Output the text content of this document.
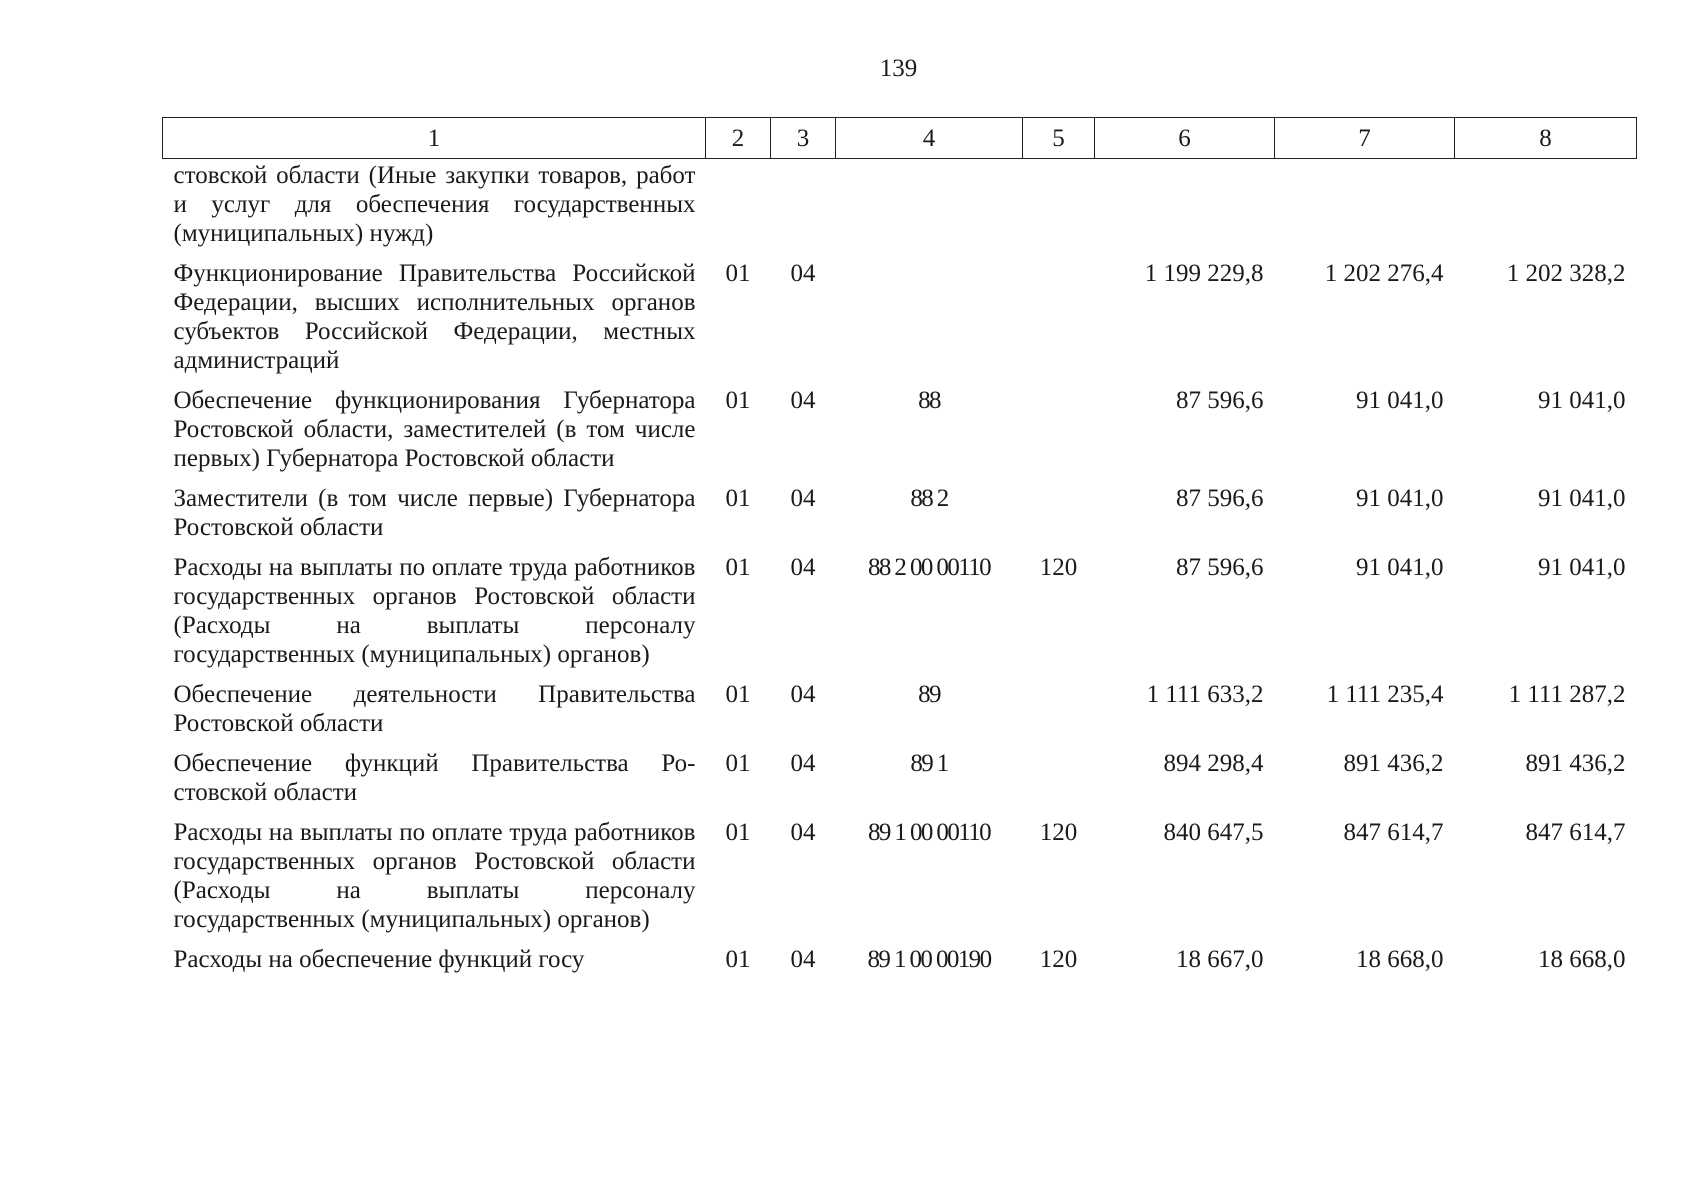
139
1	2	3	4	5	6	7	8
стовской области (Иные закупки товаров, работ и услуг для обеспечения государственных (муниципальных) нужд)							
Функционирование Правительства Российской Федерации, высших исполнительных органов субъектов Российской Федерации, местных администраций	01	04			1 199 229,8	1 202 276,4	1 202 328,2
Обеспечение функционирования Губернатора Ростовской области, заместителей (в том числе первых) Губернатора Ростовской области	01	04	88		87 596,6	91 041,0	91 041,0
Заместители (в том числе первые) Губернатора Ростовской области	01	04	88 2		87 596,6	91 041,0	91 041,0
Расходы на выплаты по оплате труда работников государственных органов Ростовской области (Расходы на выплаты персоналу государственных (муниципальных) органов)	01	04	88 2 00 00110	120	87 596,6	91 041,0	91 041,0
Обеспечение деятельности Правительства Ростовской области	01	04	89		1 111 633,2	1 111 235,4	1 111 287,2
Обеспечение функций Правительства Ростовской области	01	04	89 1		894 298,4	891 436,2	891 436,2
Расходы на выплаты по оплате труда работников государственных органов Ростовской области (Расходы на выплаты персоналу государственных (муниципальных) органов)	01	04	89 1 00 00110	120	840 647,5	847 614,7	847 614,7
Расходы на обеспечение функций госу	01	04	89 1 00 00190	120	18 667,0	18 668,0	18 668,0
